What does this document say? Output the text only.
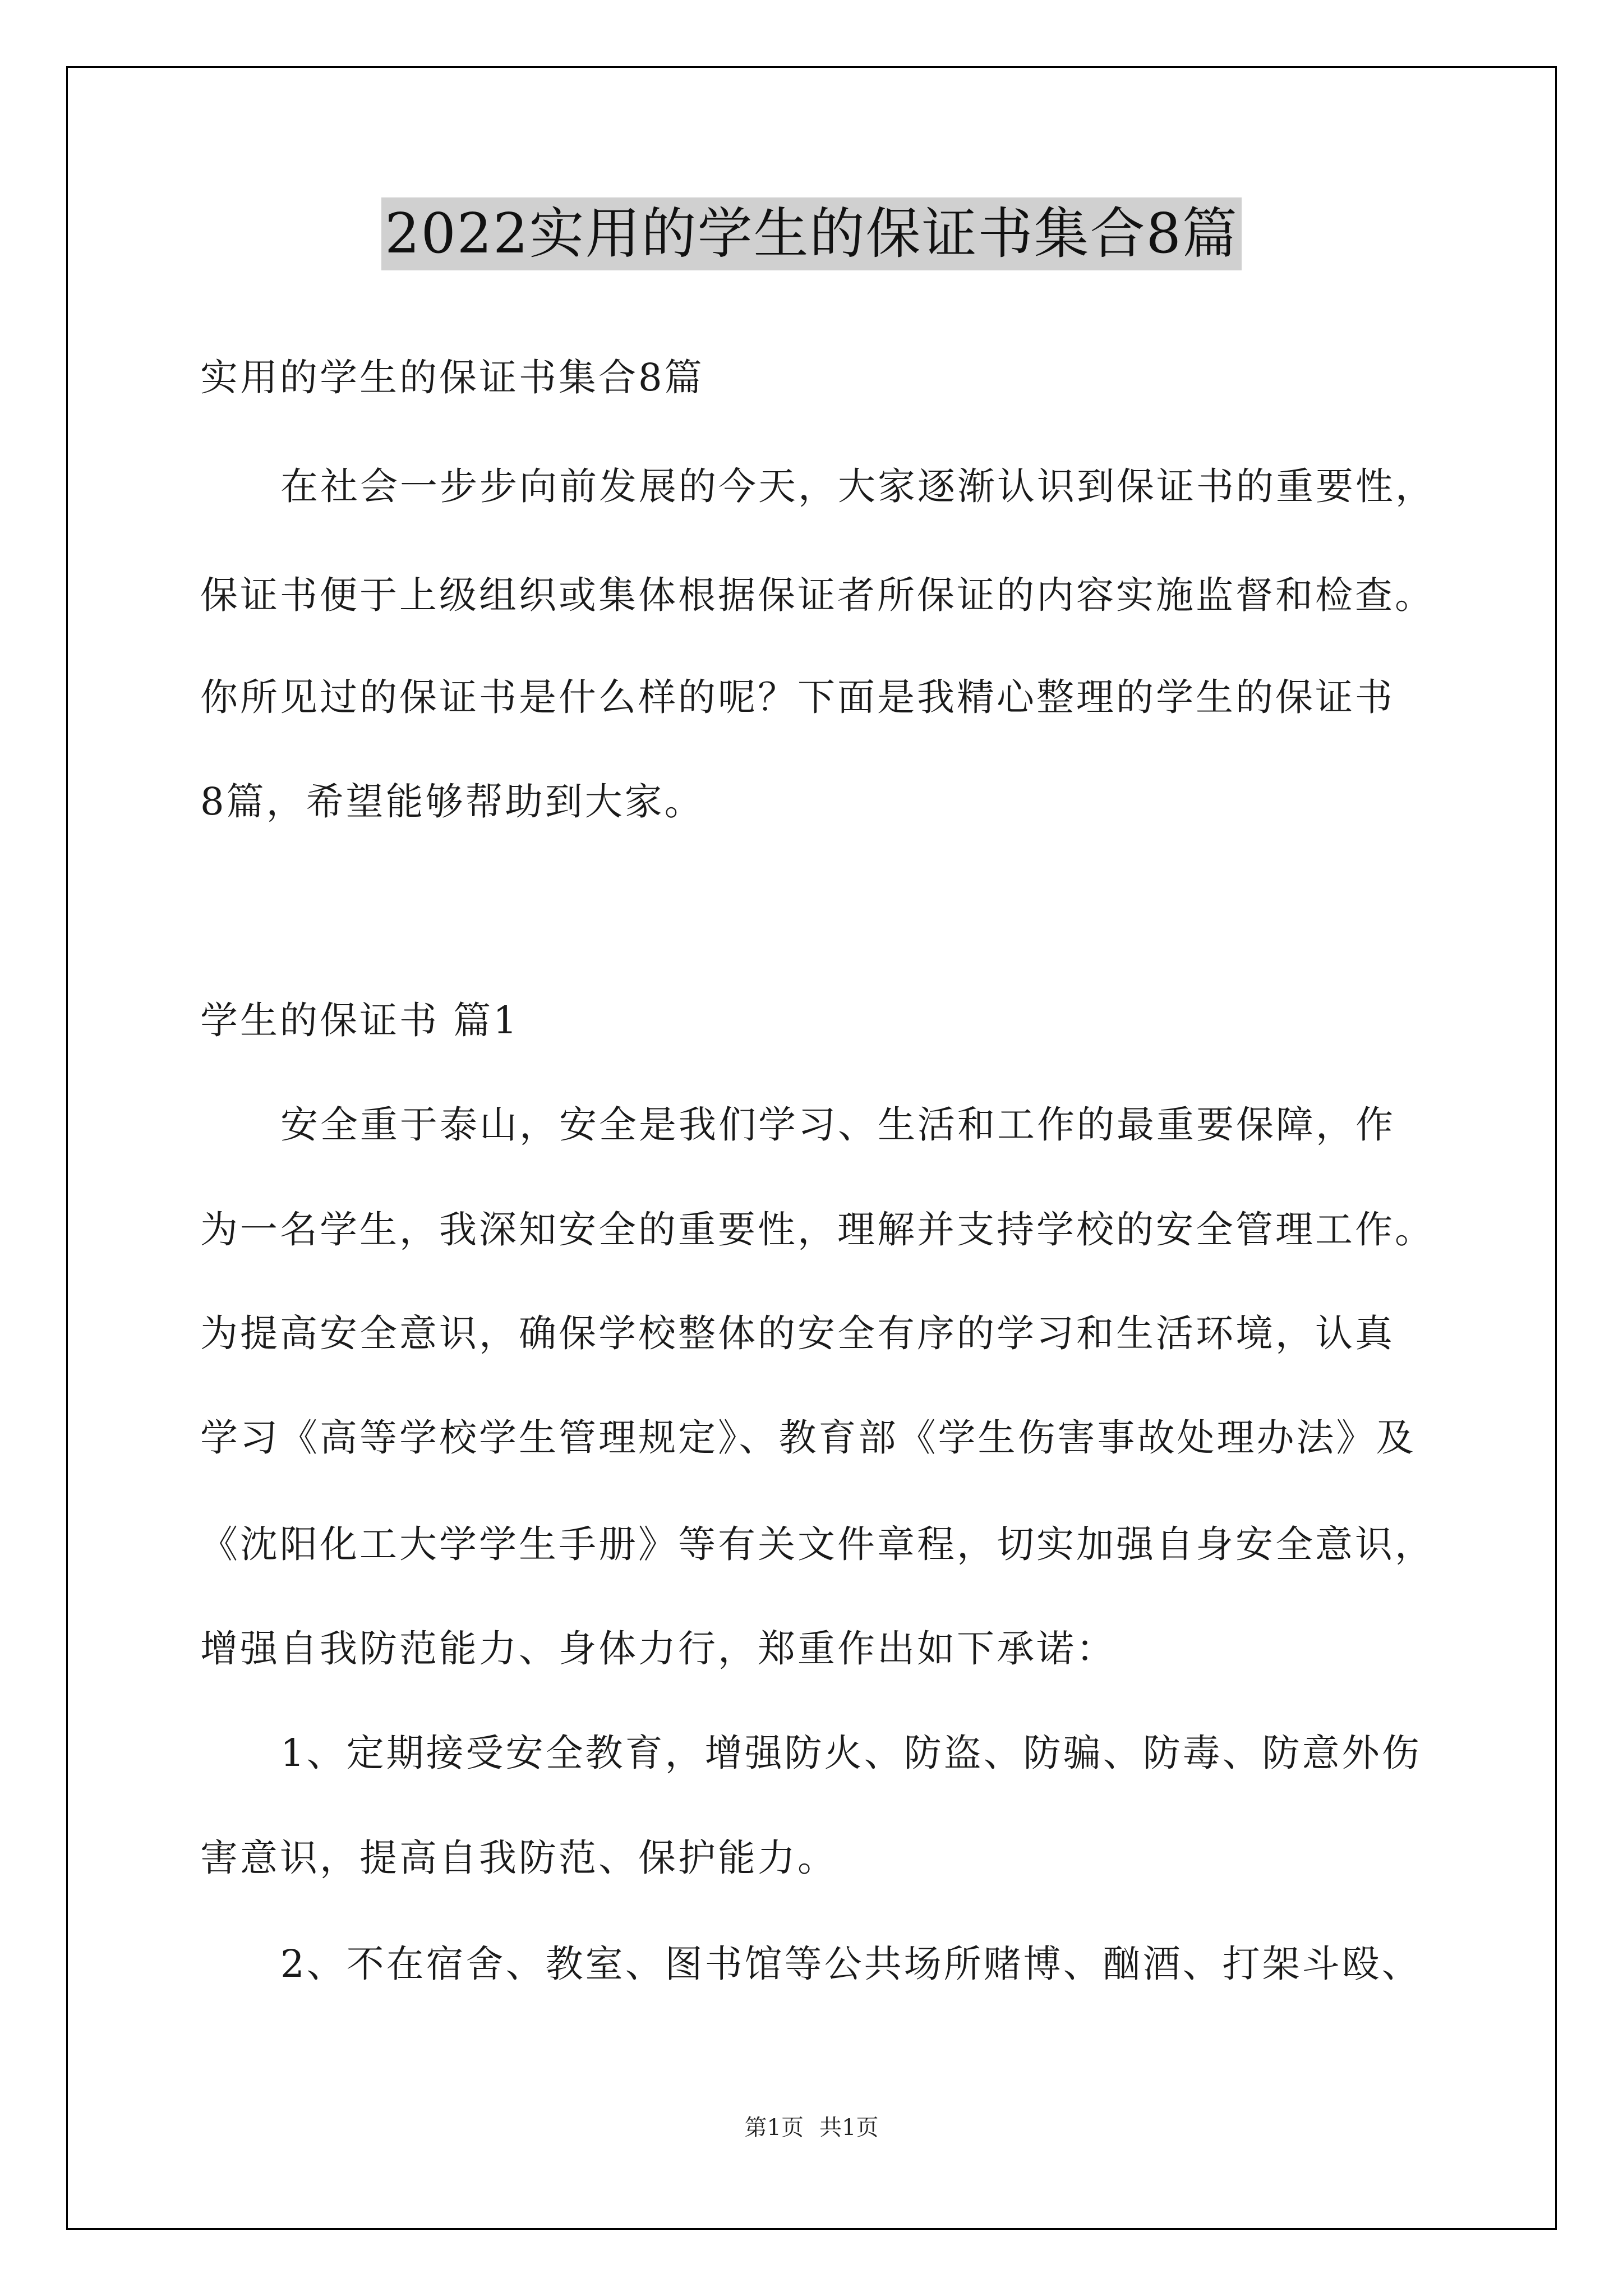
2022实用的学生的保证书集合8篇
实用的学生的保证书集合8篇
在社会一步步向前发展的今天，大家逐渐认识到保证书的重要性，
保证书便于上级组织或集体根据保证者所保证的内容实施监督和检查。
你所见过的保证书是什么样的呢？下面是我精心整理的学生的保证书
8篇，希望能够帮助到大家。
学生的保证书 篇1
安全重于泰山，安全是我们学习、生活和工作的最重要保障，作
为一名学生，我深知安全的重要性，理解并支持学校的安全管理工作。
为提高安全意识，确保学校整体的安全有序的学习和生活环境，认真
学习《高等学校学生管理规定》、教育部《学生伤害事故处理办法》及
《沈阳化工大学学生手册》等有关文件章程，切实加强自身安全意识，
增强自我防范能力、身体力行，郑重作出如下承诺：
1、定期接受安全教育，增强防火、防盗、防骗、防毒、防意外伤
害意识，提高自我防范、保护能力。
2、不在宿舍、教室、图书馆等公共场所赌博、酗酒、打架斗殴、
第1页 共1页
